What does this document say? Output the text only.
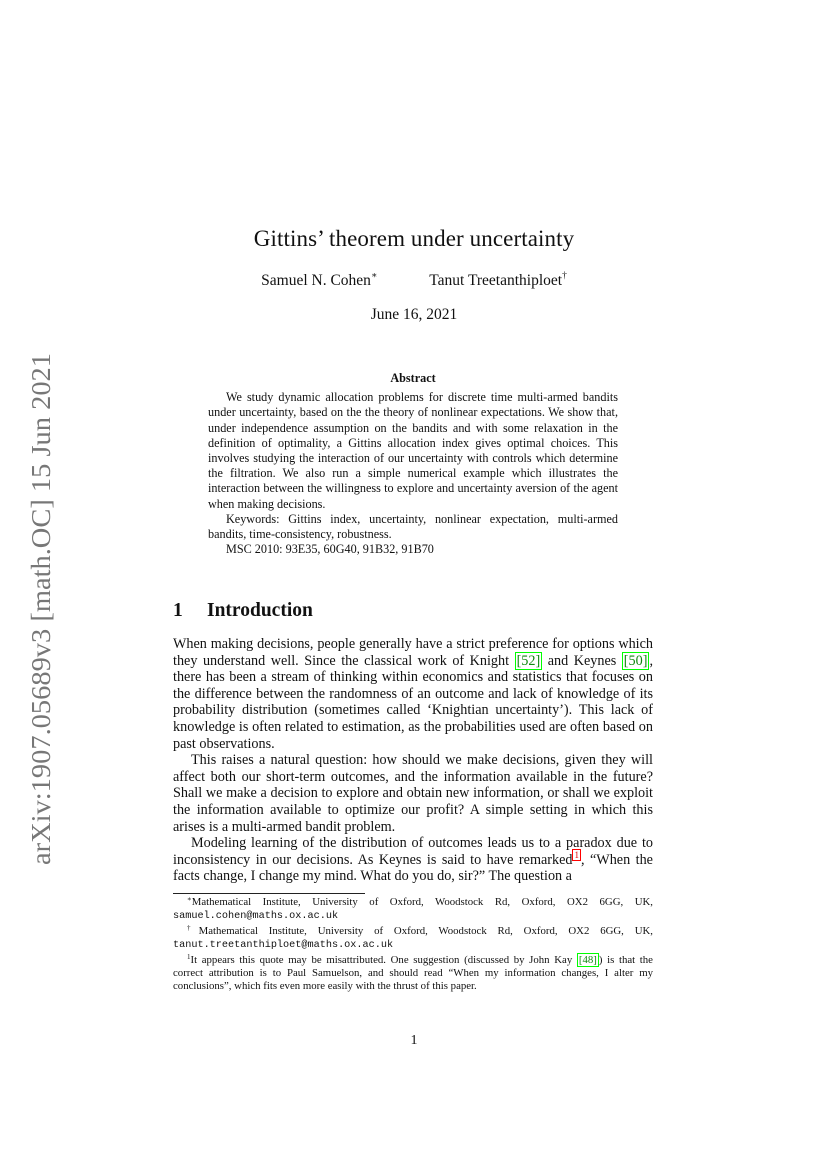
arXiv:1907.05689v3 [math.OC] 15 Jun 2021
Gittins’ theorem under uncertainty
Samuel N. Cohen∗	Tanut Treetanthiploet†
June 16, 2021
Abstract

We study dynamic allocation problems for discrete time multi-armed bandits under uncertainty, based on the the theory of nonlinear expectations. We show that, under independence assumption on the bandits and with some relaxation in the definition of optimality, a Gittins allocation index gives optimal choices. This involves studying the interaction of our uncertainty with controls which determine the filtration. We also run a simple numerical example which illustrates the interaction between the willingness to explore and uncertainty aversion of the agent when making decisions.

Keywords: Gittins index, uncertainty, nonlinear expectation, multi-armed bandits, time-consistency, robustness.

MSC 2010: 93E35, 60G40, 91B32, 91B70

1 Introduction

When making decisions, people generally have a strict preference for options which they understand well. Since the classical work of Knight [52] and Keynes [50] , there has been a stream of thinking within economics and statistics that focuses on the difference between the randomness of an outcome and lack of knowledge of its probability distribution (sometimes called ‘Knightian uncertainty’). This lack of knowledge is often related to estimation, as the probabilities used are often based on past observations.

This raises a natural question: how should we make decisions, given they will affect both our short-term outcomes, and the information available in the future? Shall we make a decision to explore and obtain new information, or shall we exploit the information available to optimize our profit? A simple setting in which this arises is a multi-armed bandit problem.

Modeling learning of the distribution of outcomes leads us to a paradox due to inconsistency in our decisions. As Keynes is said to have remarked $^1$ , “When the facts change, I change my mind. What do you do, sir?” The question a

∗Mathematical Institute, University of Oxford, Woodstock Rd, Oxford, OX2 6GG, UK, samuel.cohen@maths.ox.ac.uk

†Mathematical Institute, University of Oxford, Woodstock Rd, Oxford, OX2 6GG, UK, tanut.treetanthiploet@maths.ox.ac.uk

$^1$It appears this quote may be misattributed. One suggestion (discussed by John Kay [48] ) is that the correct attribution is to Paul Samuelson, and should read “When my information changes, I alter my conclusions”, which fits even more easily with the thrust of this paper.

1
